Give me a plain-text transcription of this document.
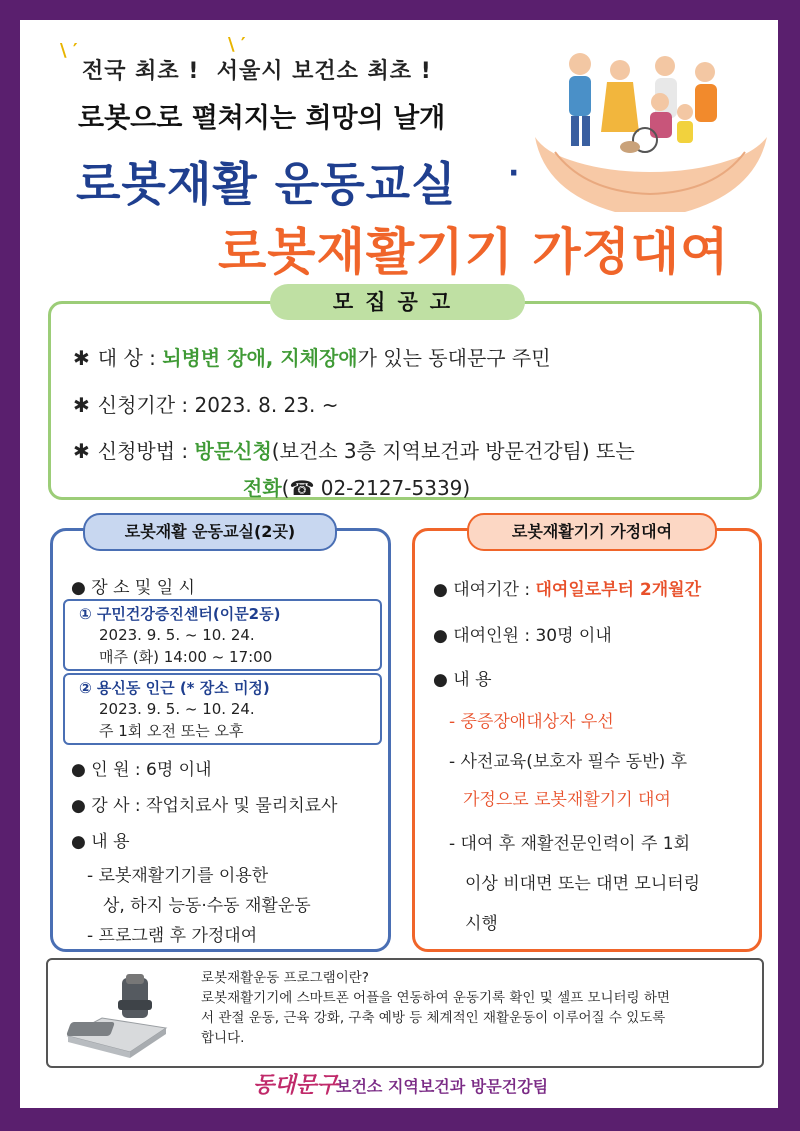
\ ′	\ ′
전국 최초 ! 서울시 보건소 최초 !
로봇으로 펼쳐지는 희망의 날개
로봇재활 운동교실 ·
로봇재활기기 가정대여
✱ 대 상 : 뇌병변 장애, 지체장애가 있는 동대문구 주민
✱ 신청기간 : 2023. 8. 23. ~
✱ 신청방법 : 방문신청(보건소 3층 지역보건과 방문건강팀) 또는
전화(☎ 02-2127-5339)
모집공고
● 장 소 및 일 시
① 구민건강증진센터(이문2동)
2023. 9. 5. ~ 10. 24.
매주 (화) 14:00 ~ 17:00
② 용신동 인근 (* 장소 미정)
2023. 9. 5. ~ 10. 24.
주 1회 오전 또는 오후
● 인 원 : 6명 이내
● 강 사 : 작업치료사 및 물리치료사
● 내 용
- 로봇재활기기를 이용한
상, 하지 능동·수동 재활운동
- 프로그램 후 가정대여
로봇재활 운동교실(2곳)
● 대여기간 : 대여일로부터 2개월간
● 대여인원 : 30명 이내
● 내 용
- 중증장애대상자 우선
- 사전교육(보호자 필수 동반) 후
가정으로 로봇재활기기 대여
- 대여 후 재활전문인력이 주 1회
이상 비대면 또는 대면 모니터링
시행
로봇재활기기 가정대여
로봇재활운동 프로그램이란?
로봇재활기기에 스마트폰 어플을 연동하여 운동기록 확인 및 셀프 모니터링 하면
서 관절 운동, 근육 강화, 구축 예방 등 체계적인 재활운동이 이루어질 수 있도록
합니다.
동대문구
보건소 지역보건과 방문건강팀
